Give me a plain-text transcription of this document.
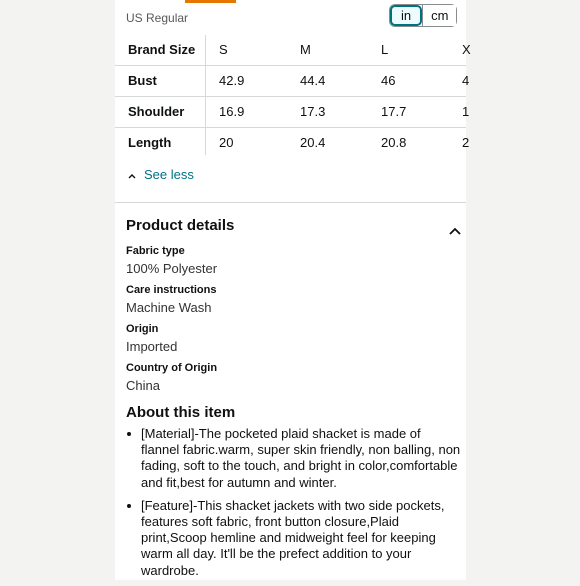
US Regular	in	cm
Brand Size S	M	L	X
Bust	42.9	44.4	46	4
Shoulder	16.9	17.3	17.7	1
Length	20	20.4	20.8	2
See less
Product details
Fabric type
100% Polyester
Care instructions
Machine Wash
Origin
Imported
Country of Origin
China
About this item
[Material]-The pocketed plaid shacket is made of flannel fabric.warm, super skin friendly, non balling, non fading, soft to the touch, and bright in color,comfortable and fit,best for autumn and winter.
[Feature]-This shacket jackets with two side pockets, features soft fabric, front button closure,Plaid print,Scoop hemline and midweight feel for keeping warm all day. It'll be the prefect addition to your wardrobe.
